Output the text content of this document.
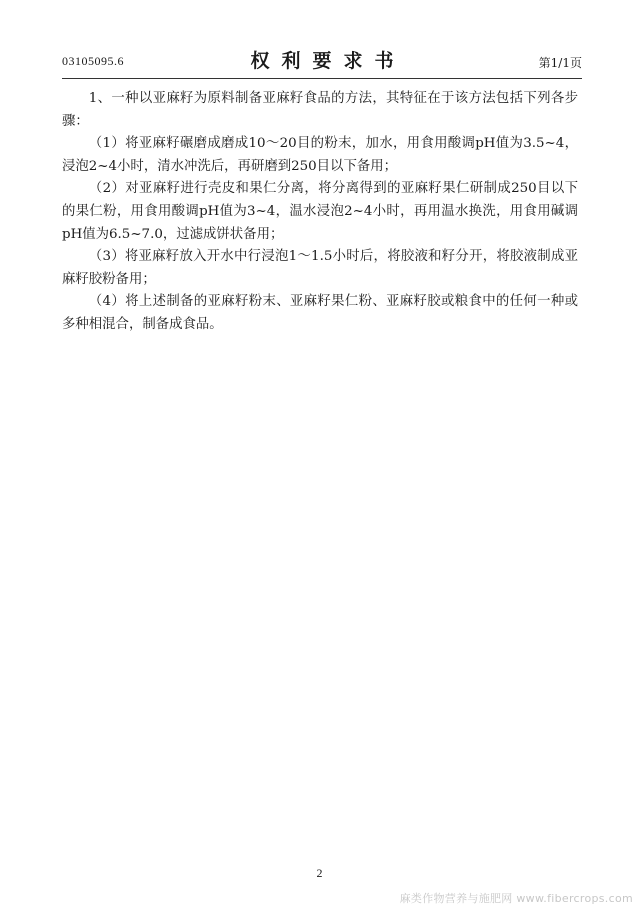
03105095.6	权利要求书	第1/1页

1、一种以亚麻籽为原料制备亚麻籽食品的方法，其特征在于该方法包括下列各步骤：

（1）将亚麻籽碾磨成磨成10～20目的粉末，加水，用食用酸调pH值为3.5~4，浸泡2~4小时，清水冲洗后，再研磨到250目以下备用；

（2）对亚麻籽进行壳皮和果仁分离，将分离得到的亚麻籽果仁研制成250目以下的果仁粉，用食用酸调pH值为3~4，温水浸泡2~4小时，再用温水换洗，用食用碱调pH值为6.5~7.0，过滤成饼状备用；

（3）将亚麻籽放入开水中行浸泡1～1.5小时后，将胶液和籽分开，将胶液制成亚麻籽胶粉备用；

（4）将上述制备的亚麻籽粉末、亚麻籽果仁粉、亚麻籽胶或粮食中的任何一种或多种相混合，制备成食品。

2
麻类作物营养与施肥网 www.fibercrops.com
